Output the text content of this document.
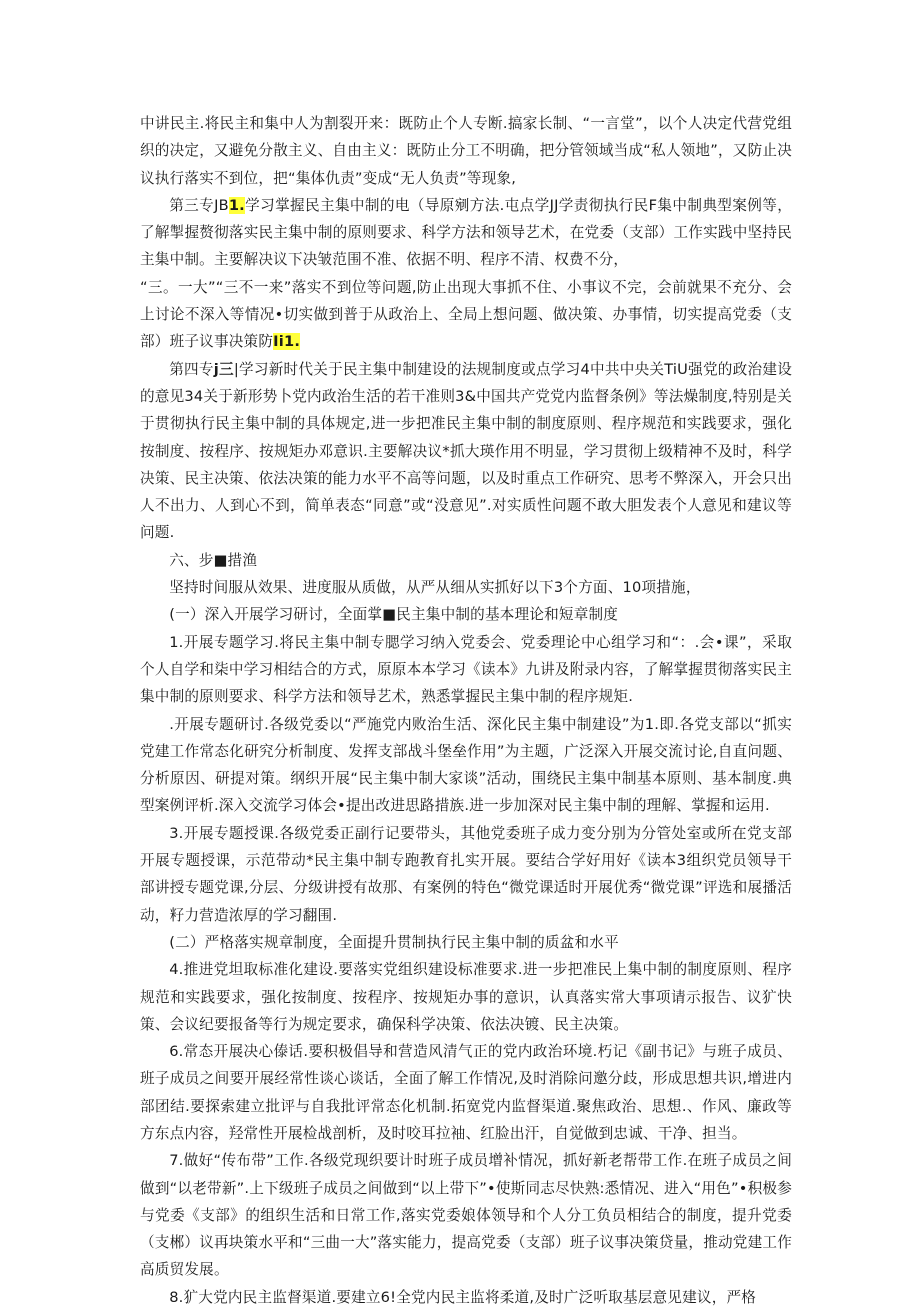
中讲民主.将民主和集中人为割裂开来：既防止个人专断.搞家长制、“一言堂”，以个人决定代营党组织的决定，又避免分散主义、自由主义：既防止分工不明确，把分管领域当成“私人领地”，又防止决议执行落实不到位，把“集体仇责”变成“无人负责”等现象,

第三专JB1.学习掌握民主集中制的电（导原剜方法.屯点学JJ学责彻执行民F集中制典型案例等，了解掣握赘彻落实民主集中制的原则要求、科学方法和领导艺术，在党委（支部）工作实践中坚持民主集中制。主要解决议下决皱范围不准、依据不明、程序不清、权费不分，

“三。一大”“三不一来”落实不到位等问题,防止出现大事抓不住、小事议不完，会前就果不充分、会上讨论不深入等情况•切实做到普于从政治上、全局上想问题、做决策、办事情，切实提高党委（支部）班子议事决策防Ii1.

第四专j三|学习新时代关于民主集中制建设的法规制度或点学习4中共中央关TiU强党的政治建设的意见34关于新形势卜党内政治生活的若干准则3&中国共产党党内监督条例》等法燥制度,特别是关于贯彻执行民主集中制的具体规定,进一步把准民主集中制的制度原则、程序规范和实践要求，强化按制度、按程序、按规矩办邓意识.主要解决议*抓大瑛作用不明显，学习贯彻上级精神不及时，科学决策、民主决策、依法决策的能力水平不高等问题，以及时重点工作研究、思考不弊深入，开会只出人不出力、人到心不到，简单表态“同意”或“没意见”.对实质性问题不敢大胆发表个人意见和建议等问题.

六、步■措渔

坚持时间服从效果、进度服从质做，从严从细从实抓好以下3个方面、10项措施，

(一）深入开展学习研讨，全面掌■民主集中制的基本理论和短章制度

1.开展专题学习.将民主集中制专腮学习纳入党委会、党委理论中心组学习和“：.会•课”，采取个人自学和柒中学习相结合的方式，原原本本学习《读本》九讲及附录内容，了解掌握贯彻落实民主集中制的原则要求、科学方法和领导艺术，熟悉掌握民主集中制的程序规矩.

.开展专题研讨.各级党委以“严施党内败治生活、深化民主集中制建设”为1.即.各党支部以“抓实党建工作常态化研究分析制度、发挥支部战斗堡垒作用”为主题，广泛深入开展交流讨论,自直问题、分析原因、研提对策。纲织开展“民主集中制大家谈”活动，围绕民主集中制基本原则、基本制度.典型案例评析.深入交流学习体会•提出改进思路措族.进一步加深对民主集中制的理解、掌握和运用.

3.开展专题授课.各级党委正副行记要带头，其他党委班子成力变分别为分管处室或所在党支部开展专题授课，示范带动*民主集中制专跑教育扎实开展。要结合学好用好《读本3组织党员领导干部讲授专题党课,分层、分级讲授有故那、有案例的特色“微党课适时开展优秀“微党课”评选和展播活动，籽力营造浓厚的学习翻围.

(二）严格落实规章制度，全面提升贯制执行民主集中制的质盆和水平

4.推进党坦取标准化建设.要落实党组织建设标准要求.进一步把准民上集中制的制度原则、程序规范和实践要求，强化按制度、按程序、按规矩办事的意识，认真落实常大事项请示报告、议犷快策、会议纪要报备等行为规定要求，确保科学决策、依法决镀、民主决策。

6.常态开展决心傣话.要积极倡导和营造风清气正的党内政治环境.朽记《副书记》与班子成员、班子成员之间要开展经常性谈心谈话，全面了解工作情况,及时消除问邀分歧，形成思想共识,增进内部团结.要探索建立批评与自我批评常态化机制.拓宽党内监督渠道.聚焦政治、思想.、作风、廉政等方东点内容，羟常性开展检战剖析，及时咬耳拉袖、红脸出汗，自觉做到忠诚、干净、担当。

7.做好“传布带”工作.各级党现织要计时班子成员增补情况，抓好新老帮带工作.在班子成员之间做到“以老带新”.上下级班子成员之间做到“以上带下”•使斯同志尽快熟:悉情况、进入“用色”•积极参与党委《支部》的组织生活和日常工作,落实党委娘体领导和个人分工负员相结合的制度，提升党委（支郴）议再块策水平和“三曲一大”落实能力，提高党委（支部）班子议事决策贷量，推动党建工作高质贸发展。

8.犷大党内民主监督渠道.要建立6!全党内民主监将柔道,及时广泛听取基层意见建议，严格
